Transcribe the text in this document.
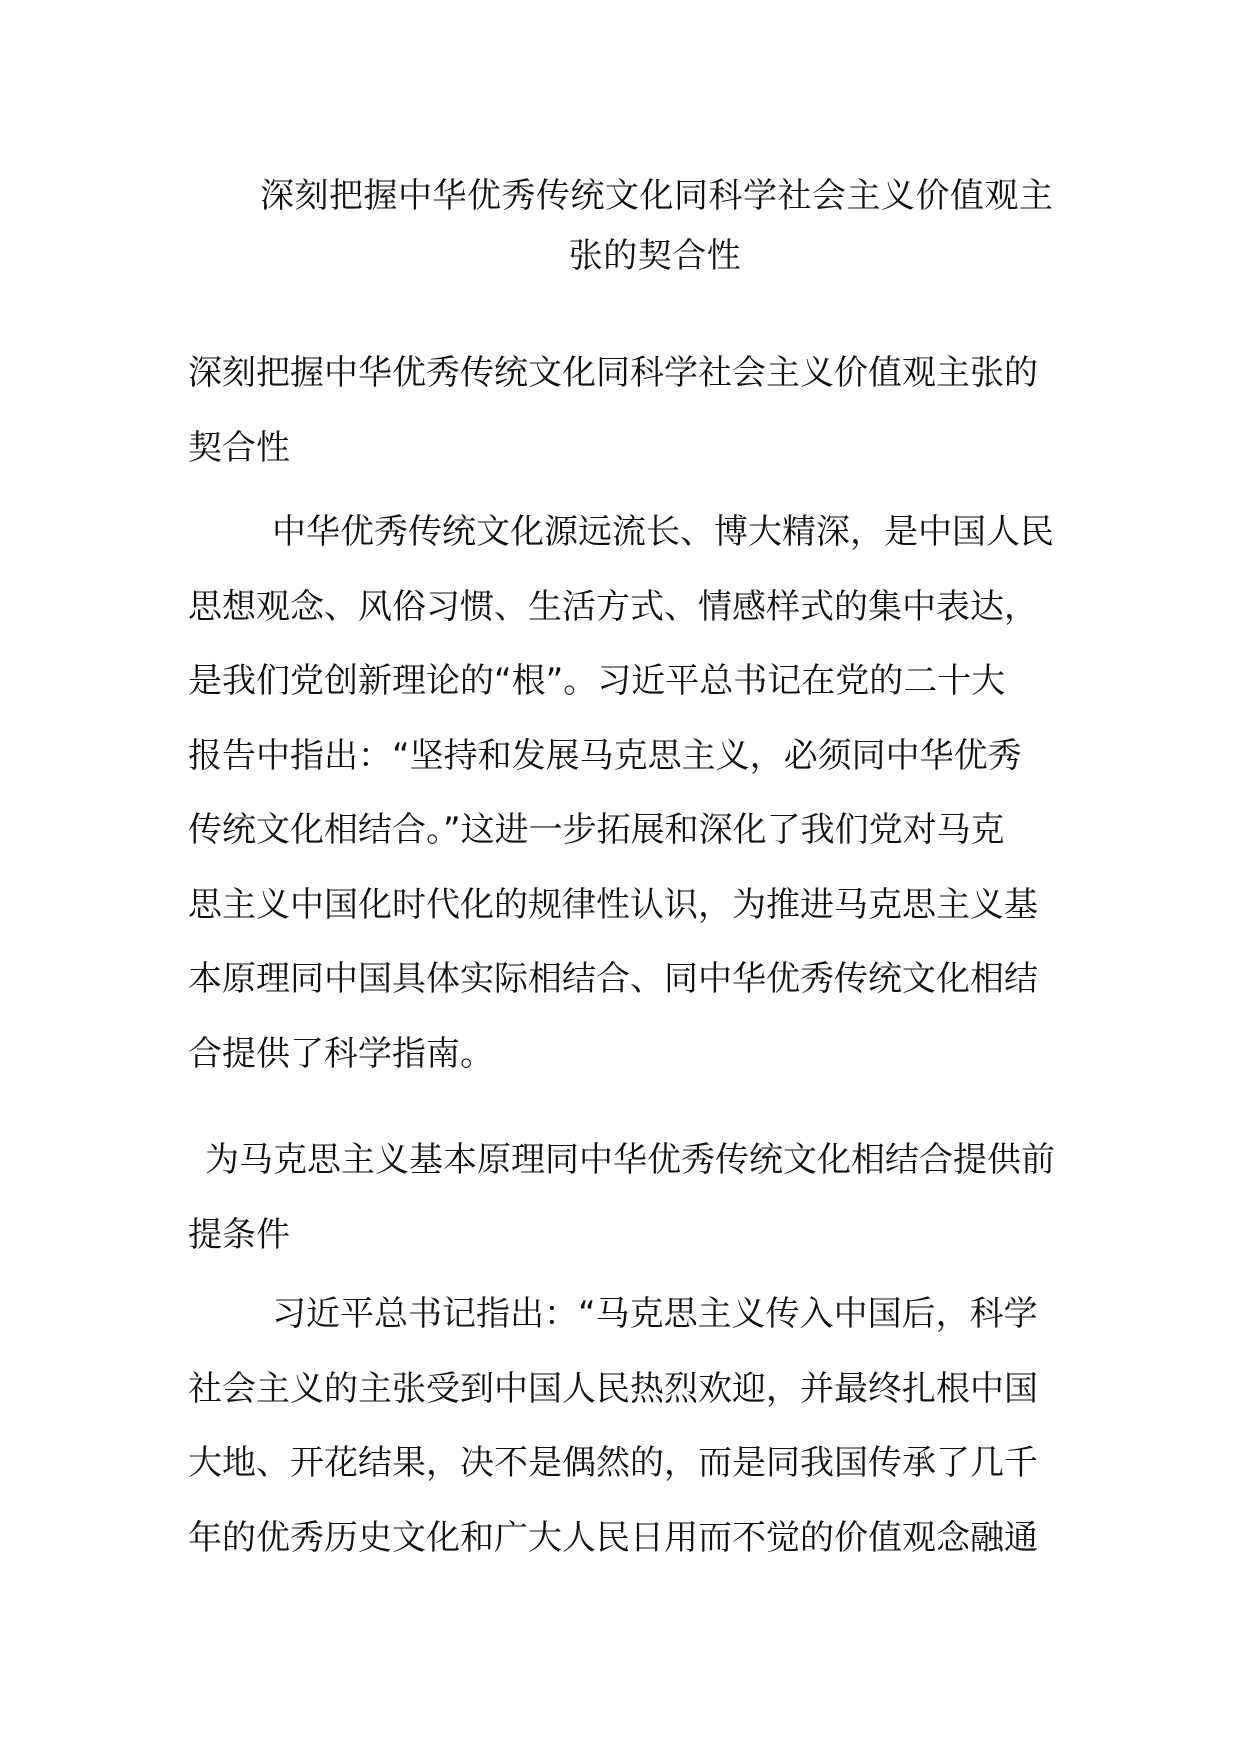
深刻把握中华优秀传统文化同科学社会主义价值观主
张的契合性
深刻把握中华优秀传统文化同科学社会主义价值观主张的
契合性
中华优秀传统文化源远流长、博大精深，是中国人民
思想观念、风俗习惯、生活方式、情感样式的集中表达，
是我们党创新理论的“根”。习近平总书记在党的二十大
报告中指出：“坚持和发展马克思主义，必须同中华优秀
传统文化相结合。”这进一步拓展和深化了我们党对马克
思主义中国化时代化的规律性认识，为推进马克思主义基
本原理同中国具体实际相结合、同中华优秀传统文化相结
合提供了科学指南。
为马克思主义基本原理同中华优秀传统文化相结合提供前
提条件
习近平总书记指出：“马克思主义传入中国后，科学
社会主义的主张受到中国人民热烈欢迎，并最终扎根中国
大地、开花结果，决不是偶然的，而是同我国传承了几千
年的优秀历史文化和广大人民日用而不觉的价值观念融通
